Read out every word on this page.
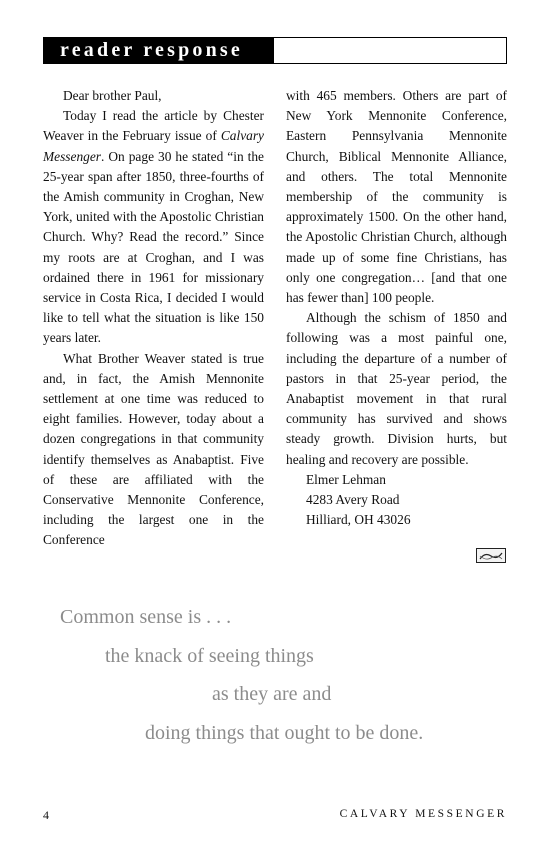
reader response

Dear brother Paul,

Today I read the article by Chester Weaver in the February issue of Calvary Messenger. On page 30 he stated “in the 25-year span after 1850, three-fourths of the Amish community in Croghan, New York, united with the Apostolic Christian Church. Why? Read the record.” Since my roots are at Croghan, and I was ordained there in 1961 for missionary service in Costa Rica, I decided I would like to tell what the situation is like 150 years later.

What Brother Weaver stated is true and, in fact, the Amish Mennonite settlement at one time was reduced to eight families. However, today about a dozen congregations in that community identify themselves as Anabaptist. Five of these are affiliated with the Conservative Mennonite Conference, including the largest one in the Conference

with 465 members. Others are part of New York Mennonite Conference, Eastern Pennsylvania Mennonite Church, Biblical Mennonite Alliance, and others. The total Mennonite membership of the community is approximately 1500. On the other hand, the Apostolic Christian Church, although made up of some fine Christians, has only one congregation… [and that one has fewer than] 100 people.

Although the schism of 1850 and following was a most painful one, including the departure of a number of pastors in that 25-year period, the Anabaptist movement in that rural community has survived and shows steady growth. Division hurts, but healing and recovery are possible.

Elmer Lehman

4283 Avery Road

Hilliard, OH 43026

Common sense is . . .
the knack of seeing things
as they are and
doing things that ought to be done.
4	CALVARY MESSENGER
